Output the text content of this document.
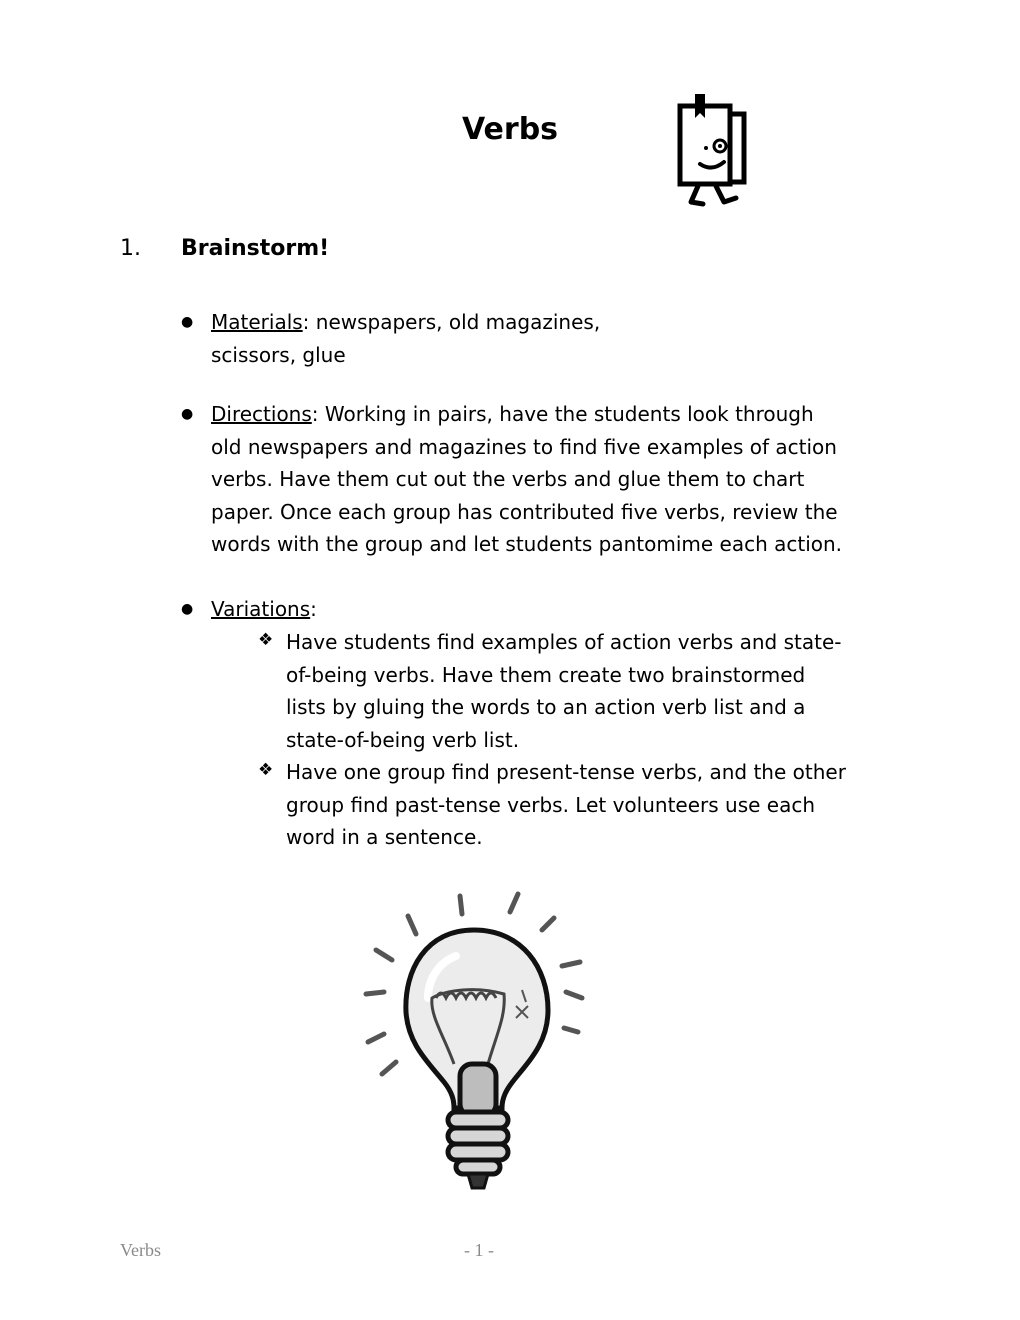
Verbs
1. Brainstorm!
● Materials: newspapers, old magazines,
scissors, glue
● Directions: Working in pairs, have the students look through
old newspapers and magazines to find five examples of action
verbs. Have them cut out the verbs and glue them to chart
paper. Once each group has contributed five verbs, review the
words with the group and let students pantomime each action.
● Variations:
❖ Have students find examples of action verbs and state-
of-being verbs. Have them create two brainstormed
lists by gluing the words to an action verb list and a
state-of-being verb list.
❖ Have one group find present-tense verbs, and the other
group find past-tense verbs. Let volunteers use each
word in a sentence.
Verbs	- 1 -
